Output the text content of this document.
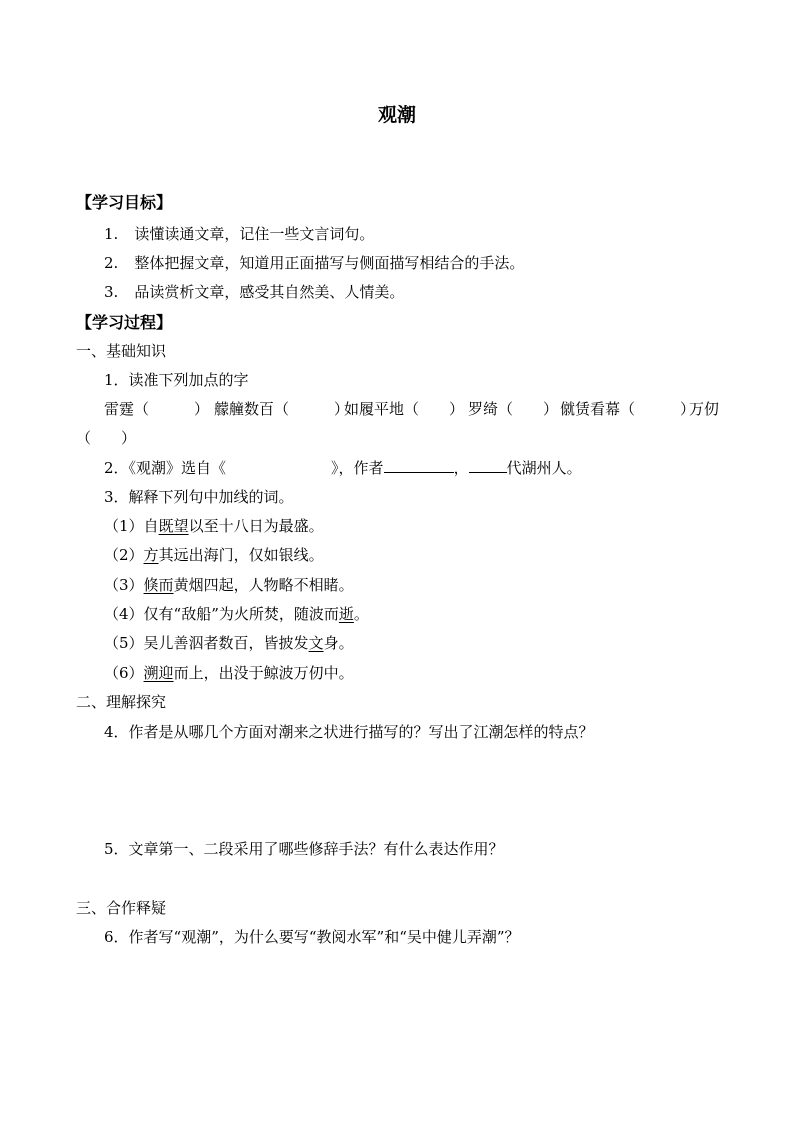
观潮
【学习目标】
1. 读懂读通文章，记住一些文言词句。
2. 整体把握文章，知道用正面描写与侧面描写相结合的手法。
3. 品读赏析文章，感受其自然美、人情美。
【学习过程】
一、基础知识
1．读准下列加点的字
雷霆（　　　） 艨艟数百（　　　）
如履平地（　　） 罗绮（　　） 僦赁看幕（　　　）
万仞
（　　）
2．《观潮》选自《	》，作者	，	代湖州人。
3．解释下列句中加线的词。
（1）自既望以至十八日为最盛。
（2）方其远出海门，仅如银线。
（3）倏而黄烟四起，人物略不相睹。
（4）仅有“敌船”为火所焚，随波而逝。
（5）吴儿善泅者数百，皆披发文身。
（6）溯迎而上，出没于鲸波万仞中。
二、理解探究
4．作者是从哪几个方面对潮来之状进行描写的？写出了江潮怎样的特点？
5．文章第一、二段采用了哪些修辞手法？有什么表达作用？
三、合作释疑
6．作者写“观潮”，为什么要写“教阅水军”和“吴中健儿弄潮”？
